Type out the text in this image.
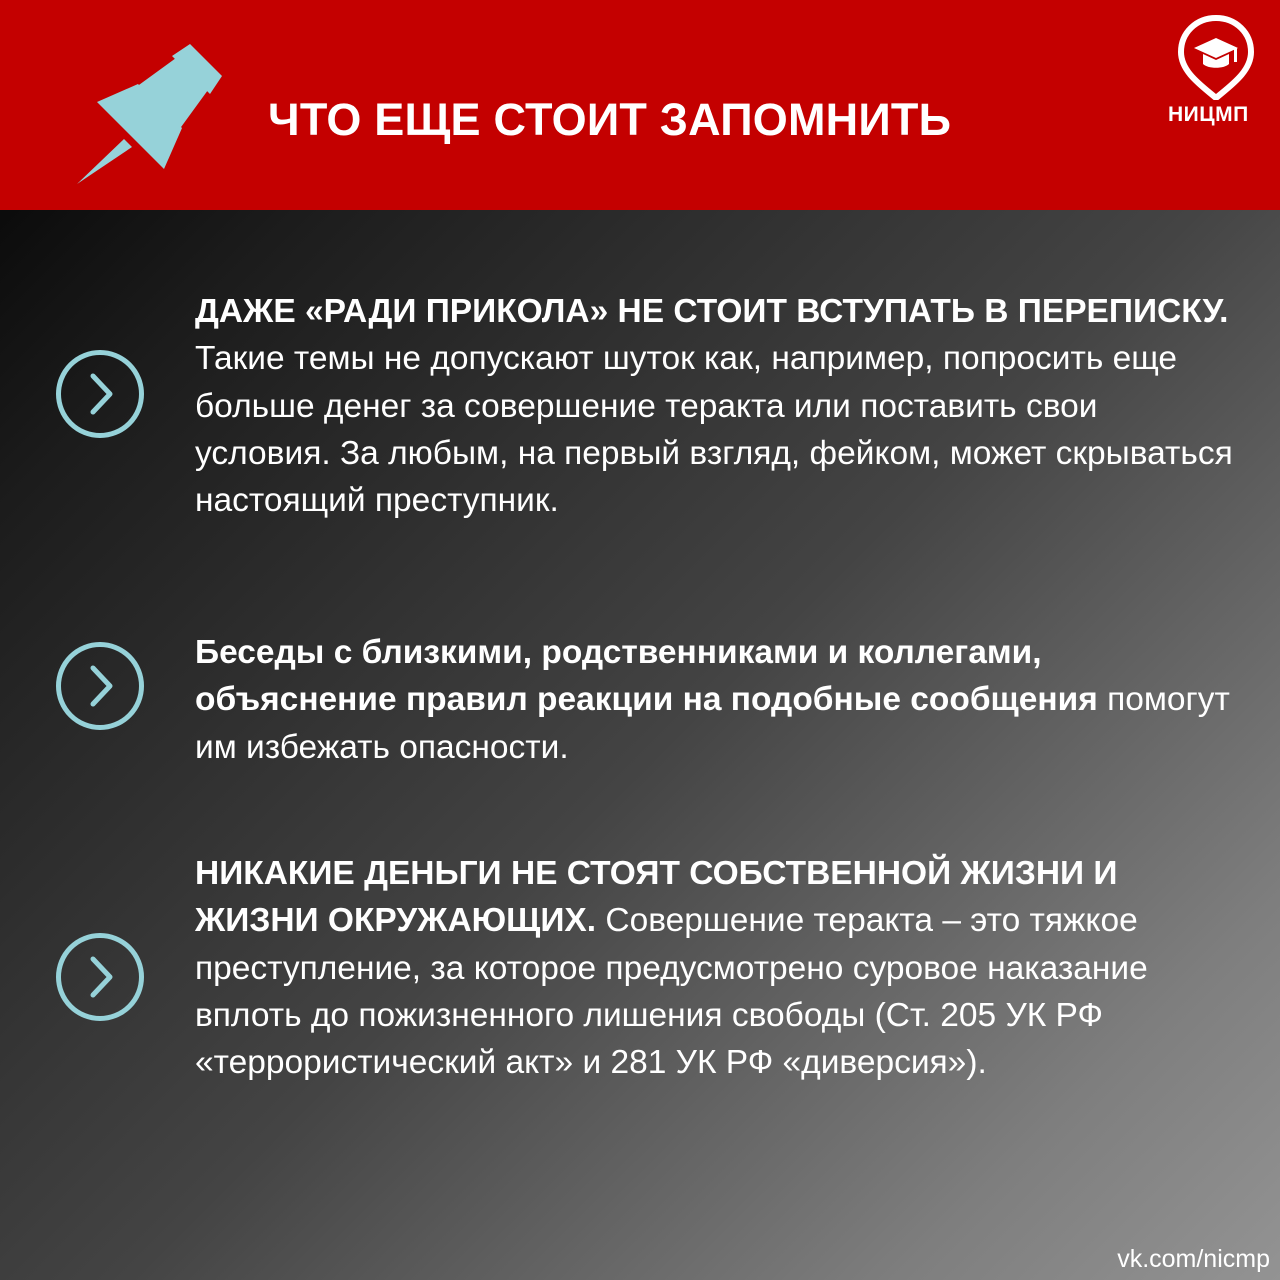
ЧТО ЕЩЕ СТОИТ ЗАПОМНИТЬ	НИЦМП
ДАЖЕ «РАДИ ПРИКОЛА» НЕ СТОИТ ВСТУПАТЬ В ПЕРЕПИСКУ. Такие темы не допускают шуток как, например, попросить еще больше денег за совершение теракта или поставить свои условия. За любым, на первый взгляд, фейком, может скрываться настоящий преступник.
Беседы с близкими, родственниками и коллегами, объяснение правил реакции на подобные сообщения помогут им избежать опасности.
НИКАКИЕ ДЕНЬГИ НЕ СТОЯТ СОБСТВЕННОЙ ЖИЗНИ И ЖИЗНИ ОКРУЖАЮЩИХ. Совершение теракта – это тяжкое преступление, за которое предусмотрено суровое наказание вплоть до пожизненного лишения свободы (Ст. 205 УК РФ «террористический акт» и 281 УК РФ «диверсия»).
vk.com/nicmp
